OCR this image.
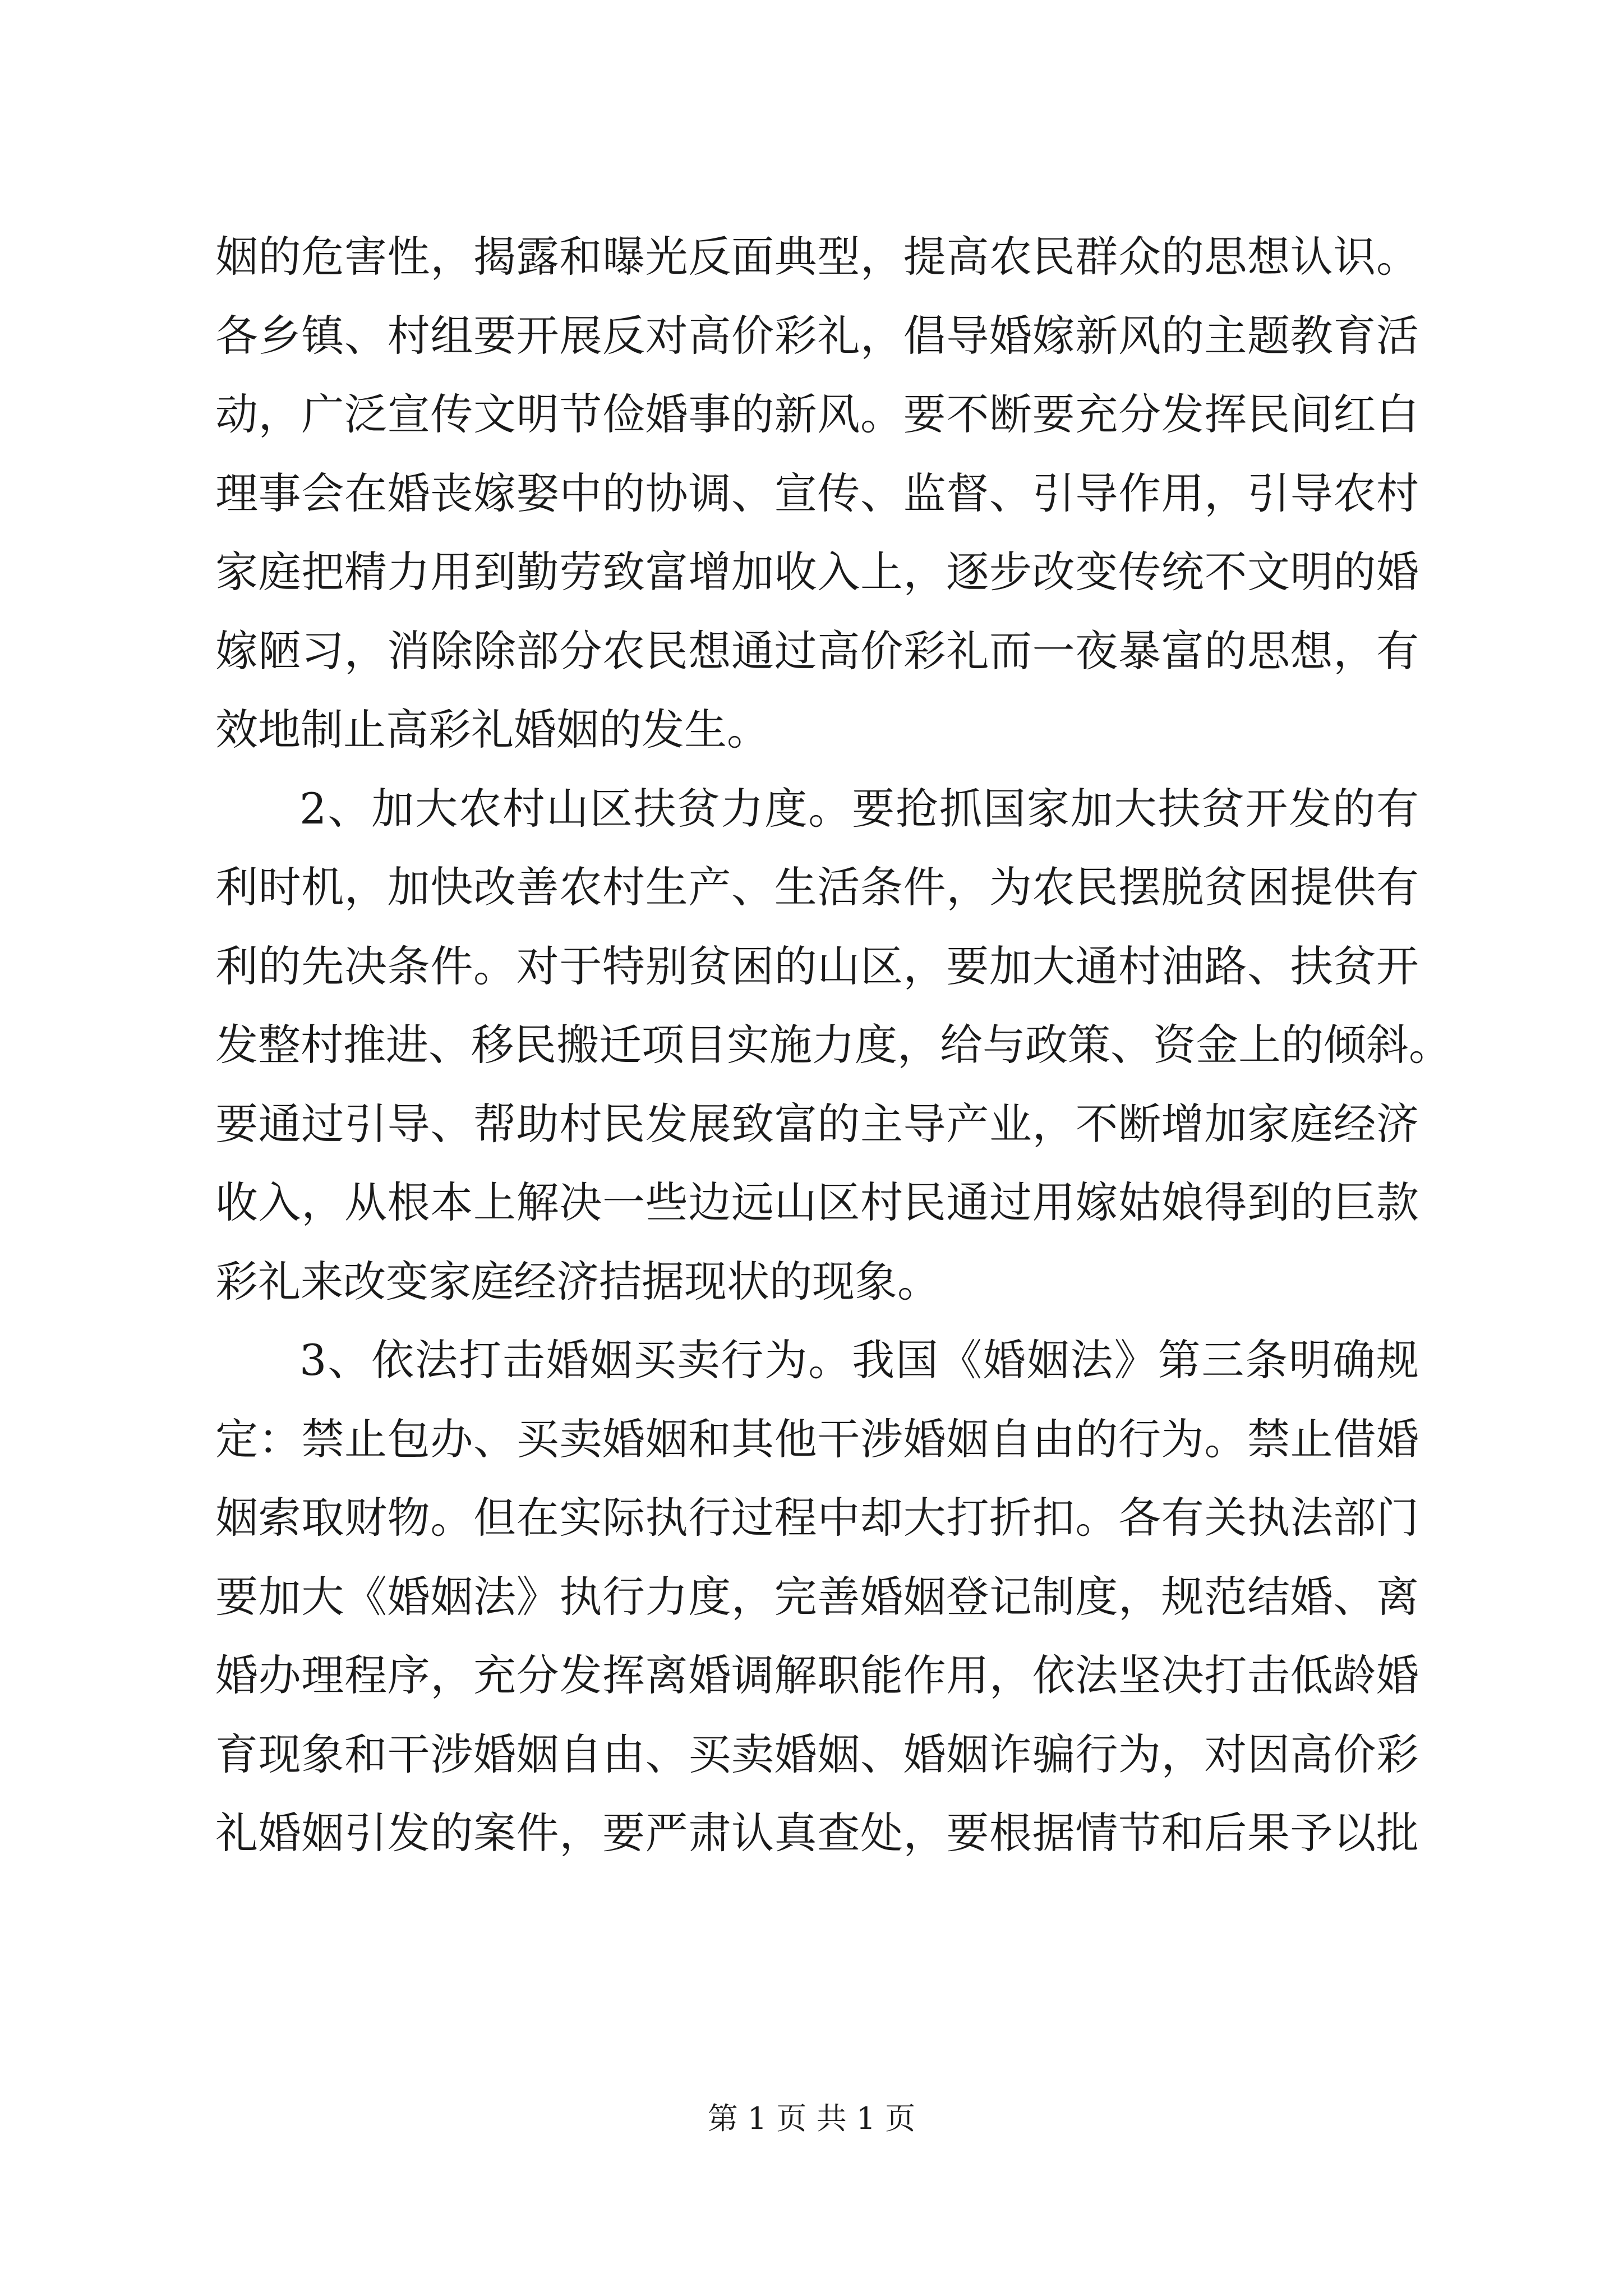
姻的危害性，揭露和曝光反面典型，提高农民群众的思想认识。
各乡镇、村组要开展反对高价彩礼，倡导婚嫁新风的主题教育活
动，广泛宣传文明节俭婚事的新风。要不断要充分发挥民间红白
理事会在婚丧嫁娶中的协调、宣传、监督、引导作用，引导农村
家庭把精力用到勤劳致富增加收入上，逐步改变传统不文明的婚
嫁陋习，消除除部分农民想通过高价彩礼而一夜暴富的思想，有
效地制止高彩礼婚姻的发生。
2、加大农村山区扶贫力度。要抢抓国家加大扶贫开发的有
利时机，加快改善农村生产、生活条件，为农民摆脱贫困提供有
利的先决条件。对于特别贫困的山区，要加大通村油路、扶贫开
发整村推进、移民搬迁项目实施力度，给与政策、资金上的倾斜。
要通过引导、帮助村民发展致富的主导产业，不断增加家庭经济
收入，从根本上解决一些边远山区村民通过用嫁姑娘得到的巨款
彩礼来改变家庭经济拮据现状的现象。
3、依法打击婚姻买卖行为。我国《婚姻法》第三条明确规
定：禁止包办、买卖婚姻和其他干涉婚姻自由的行为。禁止借婚
姻索取财物。但在实际执行过程中却大打折扣。各有关执法部门
要加大《婚姻法》执行力度，完善婚姻登记制度，规范结婚、离
婚办理程序，充分发挥离婚调解职能作用，依法坚决打击低龄婚
育现象和干涉婚姻自由、买卖婚姻、婚姻诈骗行为，对因高价彩
礼婚姻引发的案件，要严肃认真查处，要根据情节和后果予以批
第 1 页 共 1 页
